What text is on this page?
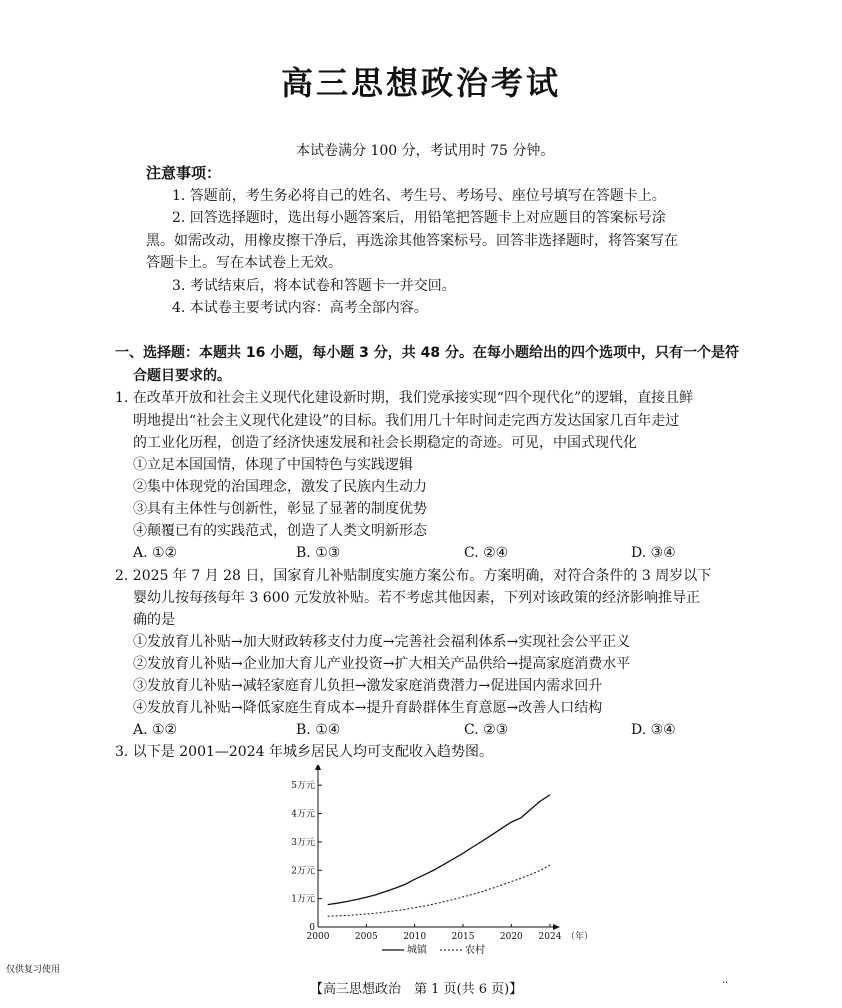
高三思想政治考试
本试卷满分 100 分，考试用时 75 分钟。
注意事项：
1. 答题前，考生务必将自己的姓名、考生号、考场号、座位号填写在答题卡上。
2. 回答选择题时，选出每小题答案后，用铅笔把答题卡上对应题目的答案标号涂
黑。如需改动，用橡皮擦干净后，再选涂其他答案标号。回答非选择题时，将答案写在
答题卡上。写在本试卷上无效。
3. 考试结束后，将本试卷和答题卡一并交回。
4. 本试卷主要考试内容：高考全部内容。
一、选择题：本题共 16 小题，每小题 3 分，共 48 分。在每小题给出的四个选项中，只有一个是符
合题目要求的。
1. 在改革开放和社会主义现代化建设新时期，我们党承接实现“四个现代化”的逻辑，直接且鲜
明地提出“社会主义现代化建设”的目标。我们用几十年时间走完西方发达国家几百年走过
的工业化历程，创造了经济快速发展和社会长期稳定的奇迹。可见，中国式现代化
①立足本国国情，体现了中国特色与实践逻辑
②集中体现党的治国理念，激发了民族内生动力
③具有主体性与创新性，彰显了显著的制度优势
④颠覆已有的实践范式，创造了人类文明新形态
A. ①②	B. ①③	C. ②④	D. ③④
2. 2025 年 7 月 28 日，国家育儿补贴制度实施方案公布。方案明确，对符合条件的 3 周岁以下
婴幼儿按每孩每年 3 600 元发放补贴。若不考虑其他因素，下列对该政策的经济影响推导正
确的是
①发放育儿补贴→加大财政转移支付力度→完善社会福利体系→实现社会公平正义
②发放育儿补贴→企业加大育儿产业投资→扩大相关产品供给→提高家庭消费水平
③发放育儿补贴→减轻家庭育儿负担→激发家庭消费潜力→促进国内需求回升
④发放育儿补贴→降低家庭生育成本→提升育龄群体生育意愿→改善人口结构
A. ①②	B. ①④	C. ②③	D. ③④
3. 以下是 2001—2024 年城乡居民人均可支配收入趋势图。
0
1万元
2万元
3万元
4万元
5万元
2000	2005	2010	2015	2020 2024 （年）
城镇	农村
仅供复习使用
【高三思想政治　第 1 页(共 6 页)】	··
